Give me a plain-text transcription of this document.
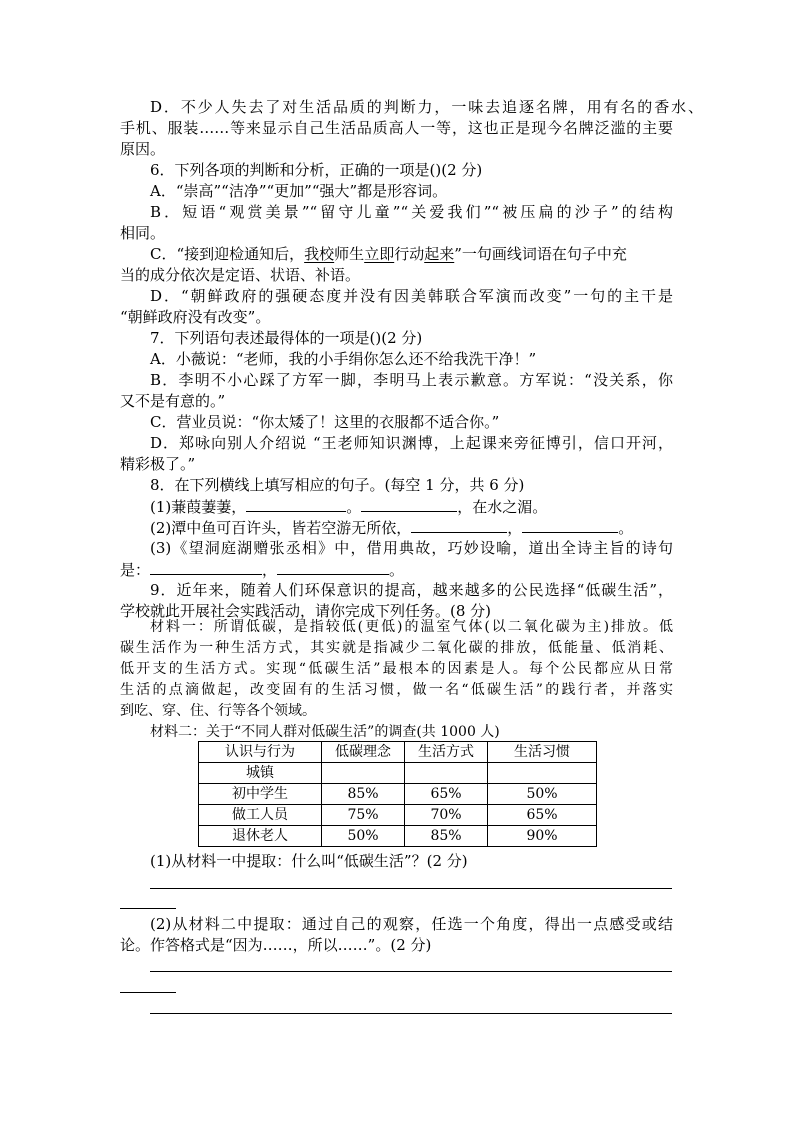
D．不少人失去了对生活品质的判断力，一味去追逐名牌，用有名的香水、
手机、服装……等来显示自己生活品质高人一等，这也正是现今名牌泛滥的主要
原因。
6．下列各项的判断和分析，正确的一项是()(2 分)
A．“崇高”“洁净”“更加”“强大”都是形容词。
B．短语“观赏美景”“留守儿童”“关爱我们”“被压扁的沙子”的结构
相同。
C．“接到迎检通知后，我校师生立即行动起来”一句画线词语在句子中充
当的成分依次是定语、状语、补语。
D．“朝鲜政府的强硬态度并没有因美韩联合军演而改变”一句的主干是
“朝鲜政府没有改变”。
7．下列语句表述最得体的一项是()(2 分)
A．小薇说：“老师，我的小手绢你怎么还不给我洗干净！”
B．李明不小心踩了方军一脚，李明马上表示歉意。方军说：“没关系，你
又不是有意的。”
C．营业员说：“你太矮了！这里的衣服都不适合你。”
D．郑咏向别人介绍说 “王老师知识渊博，上起课来旁征博引，信口开河，
精彩极了。”
8．在下列横线上填写相应的句子。(每空 1 分，共 6 分)
(1)蒹葭萋萋，	。	，在水之湄。
(2)潭中鱼可百许头，皆若空游无所依，	，	。
(3)《望洞庭湖赠张丞相》中，借用典故，巧妙设喻，道出全诗主旨的诗句
是：	，	。
9．近年来，随着人们环保意识的提高，越来越多的公民选择“低碳生活”，
学校就此开展社会实践活动，请你完成下列任务。(8 分)
材料一：所谓低碳，是指较低(更低)的温室气体(以二氧化碳为主)排放。低
碳生活作为一种生活方式，其实就是指减少二氧化碳的排放，低能量、低消耗、
低开支的生活方式。实现“低碳生活”最根本的因素是人。每个公民都应从日常
生活的点滴做起，改变固有的生活习惯，做一名“低碳生活”的践行者，并落实
到吃、穿、住、行等各个领域。
材料二：关于“不同人群对低碳生活”的调查(共 1000 人)
认识与行为	低碳理念	生活方式	生活习惯
城镇			
初中学生	85%	65%	50%
做工人员	75%	70%	65%
退休老人	50%	85%	90%
(1)从材料一中提取：什么叫“低碳生活”？(2 分)
(2)从材料二中提取：通过自己的观察，任选一个角度，得出一点感受或结
论。作答格式是“因为……，所以……”。(2 分)
